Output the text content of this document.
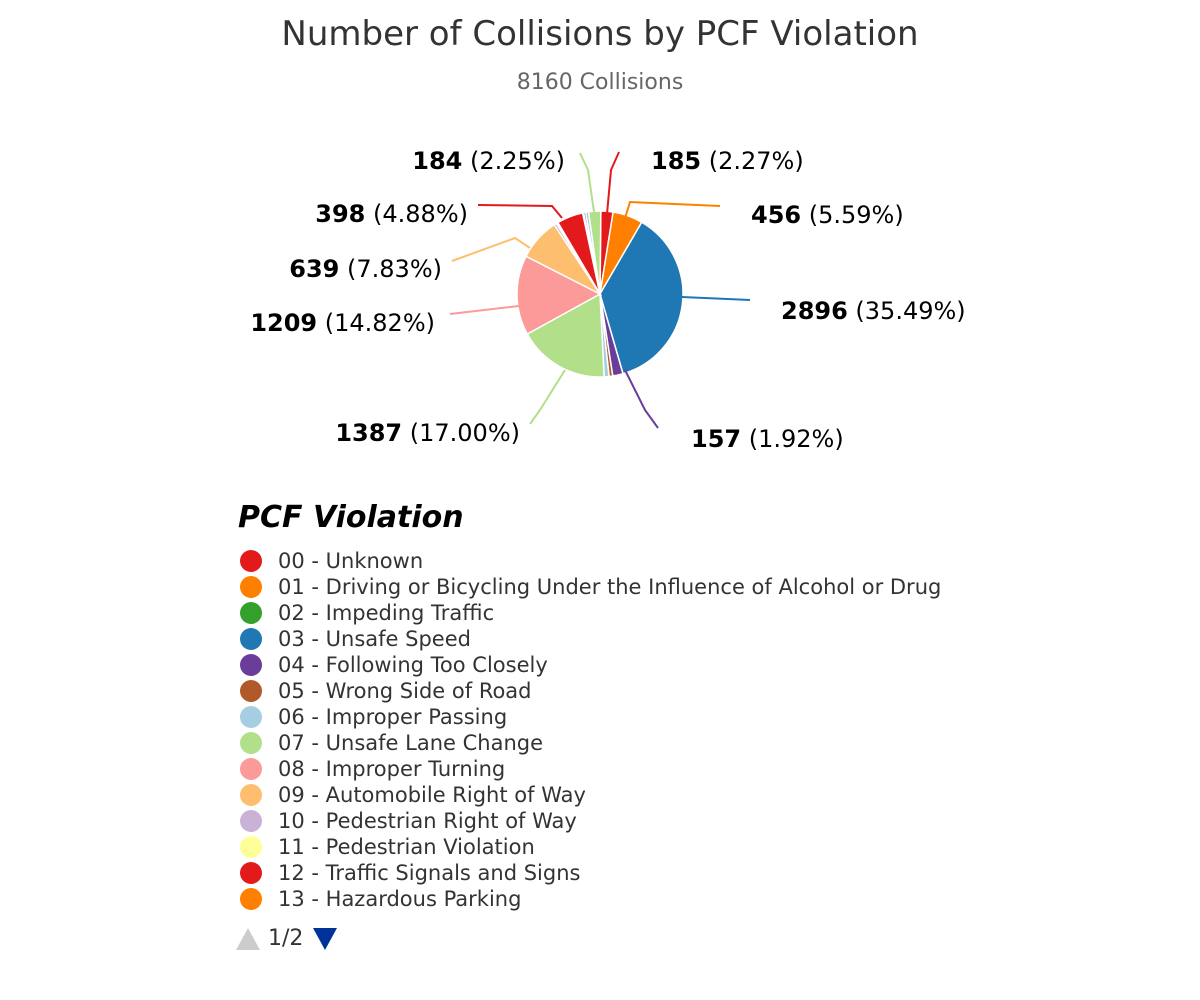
Number of Collisions by PCF Violation
8160 Collisions
185 (2.27%)
456 (5.59%)
2896 (35.49%)
157 (1.92%)
1387 (17.00%)
1209 (14.82%)
639 (7.83%)
398 (4.88%)
184 (2.25%)
PCF Violation
00 - Unknown
01 - Driving or Bicycling Under the Influence of Alcohol or Drug
02 - Impeding Traffic
03 - Unsafe Speed
04 - Following Too Closely
05 - Wrong Side of Road
06 - Improper Passing
07 - Unsafe Lane Change
08 - Improper Turning
09 - Automobile Right of Way
10 - Pedestrian Right of Way
11 - Pedestrian Violation
12 - Traffic Signals and Signs
13 - Hazardous Parking
1/2
